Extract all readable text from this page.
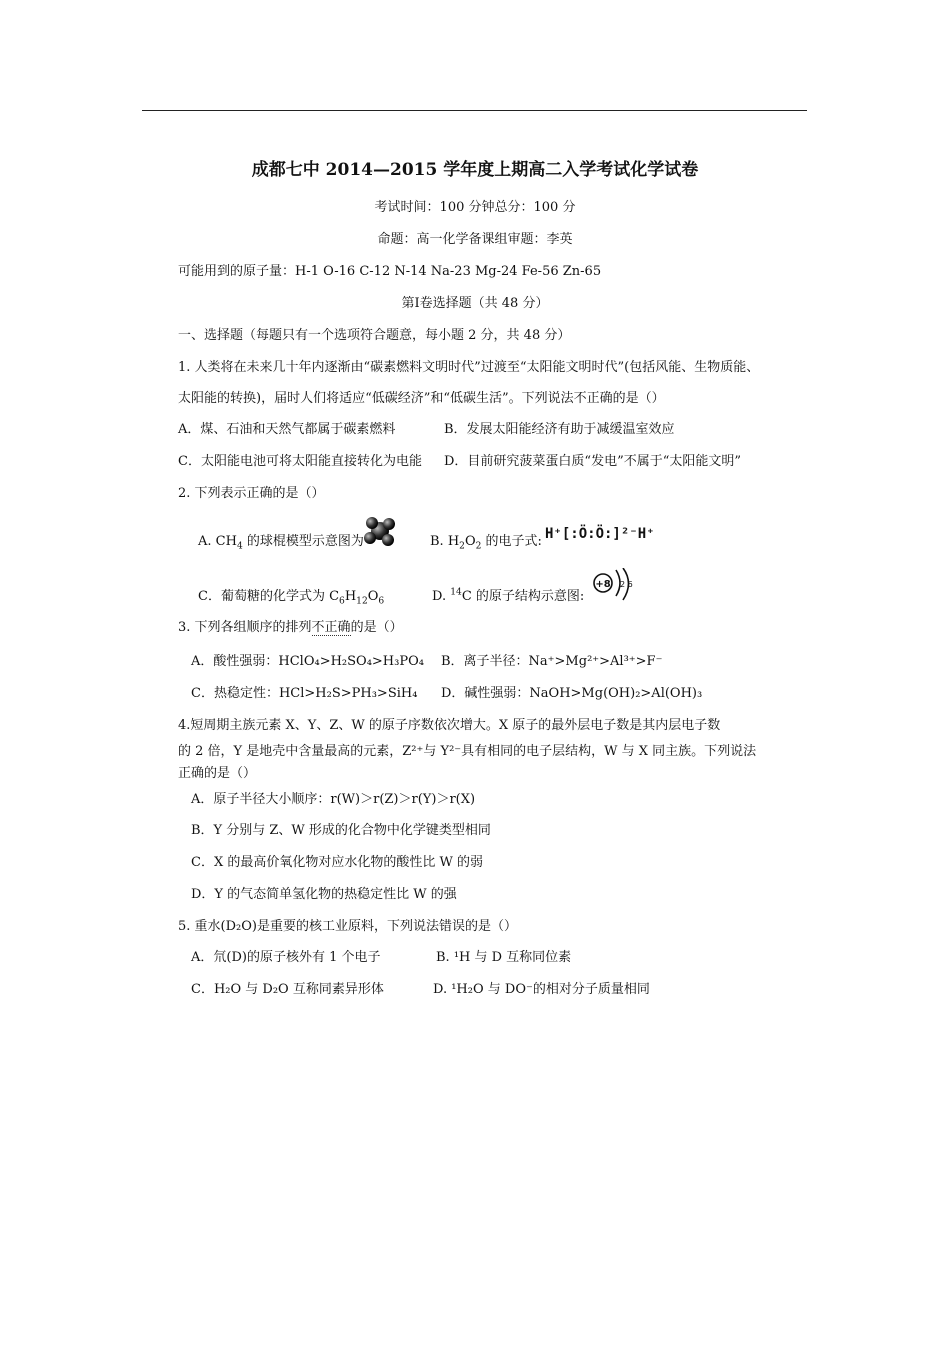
成都七中 2014—2015 学年度上期高二入学考试化学试卷
考试时间：100 分钟总分：100 分
命题：高一化学备课组审题：李英
可能用到的原子量：H-1 O-16 C-12 N-14 Na-23 Mg-24 Fe-56 Zn-65
第Ⅰ卷选择题（共 48 分）
一、选择题（每题只有一个选项符合题意，每小题 2 分，共 48 分）
1. 人类将在未来几十年内逐渐由“碳素燃料文明时代”过渡至“太阳能文明时代”(包括风能、生物质能、
太阳能的转换)，届时人们将适应“低碳经济”和“低碳生活”。下列说法不正确的是（）
A．煤、石油和天然气都属于碳素燃料	B．发展太阳能经济有助于减缓温室效应
C．太阳能电池可将太阳能直接转化为电能 D．目前研究菠菜蛋白质“发电”不属于“太阳能文明”
2. 下列表示正确的是（）
A. $CH_4$ 的球棍模型示意图为	B. $H_2O_2$ 的电子式: H⁺[:Ö:Ö:]²⁻H⁺
C．葡萄糖的化学式为 $C_6H_{12}O_6$	D. $^{14}$C 的原子结构示意图:
+8 2 6
3. 下列各组顺序的排列不正确的是（）
A．酸性强弱：HClO₄>H₂SO₄>H₃PO₄ B．离子半径：Na⁺>Mg²⁺>Al³⁺>F⁻
C．热稳定性：HCl>H₂S>PH₃>SiH₄ D．碱性强弱：NaOH>Mg(OH)₂>Al(OH)₃
4.短周期主族元素 X、Y、Z、W 的原子序数依次增大。X 原子的最外层电子数是其内层电子数
的 2 倍，Y 是地壳中含量最高的元素，Z²⁺与 Y²⁻具有相同的电子层结构，W 与 X 同主族。下列说法
正确的是（）
A．原子半径大小顺序：r(W)＞r(Z)＞r(Y)＞r(X)
B．Y 分别与 Z、W 形成的化合物中化学键类型相同
C．X 的最高价氧化物对应水化物的酸性比 W 的弱
D．Y 的气态简单氢化物的热稳定性比 W 的强
5. 重水(D₂O)是重要的核工业原料，下列说法错误的是（）
A．氘(D)的原子核外有 1 个电子	B. ¹H 与 D 互称同位素
C．H₂O 与 D₂O 互称同素异形体	D. ¹H₂O 与 DO⁻的相对分子质量相同
